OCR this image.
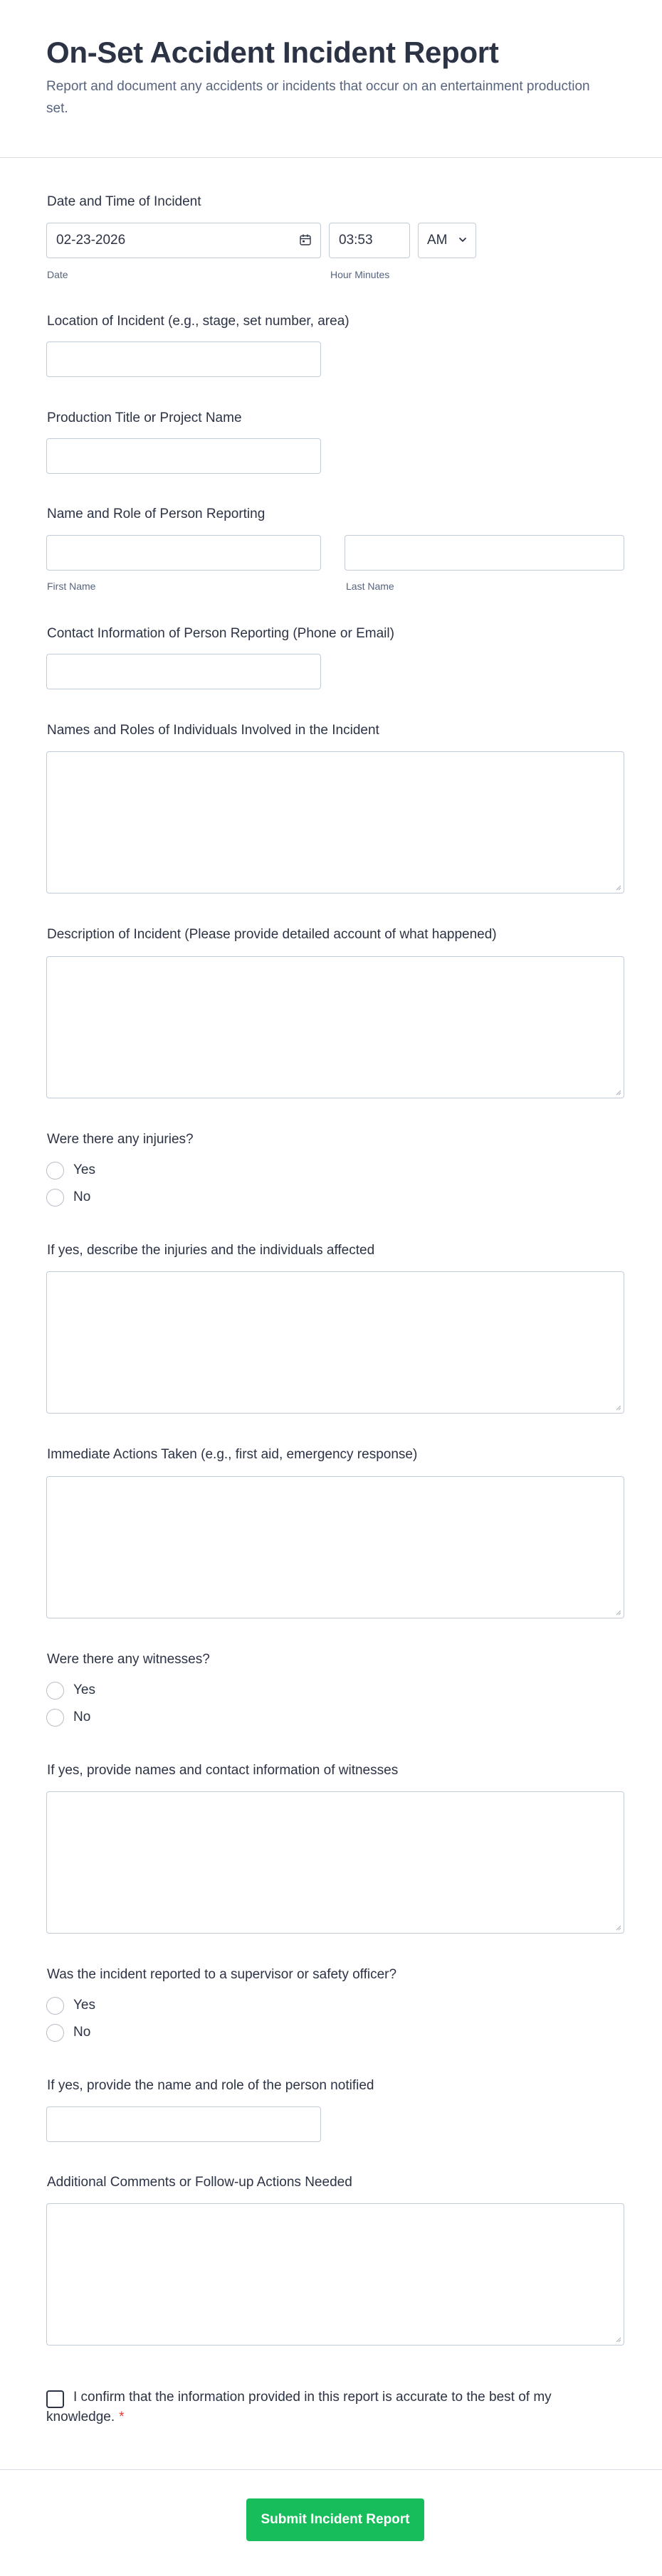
On-Set Accident Incident Report

Report and document any accidents or incidents that occur on an entertainment production set.

Date and Time of Incident
02-23-2026
Date
03:53
Hour Minutes
AM
Location of Incident (e.g., stage, set number, area)
Production Title or Project Name
Name and Role of Person Reporting
First Name	Last Name
Contact Information of Person Reporting (Phone or Email)
Names and Roles of Individuals Involved in the Incident
Description of Incident (Please provide detailed account of what happened)
Were there any injuries?
Yes
No
If yes, describe the injuries and the individuals affected
Immediate Actions Taken (e.g., first aid, emergency response)
Were there any witnesses?
Yes
No
If yes, provide names and contact information of witnesses
Was the incident reported to a supervisor or safety officer?
Yes
No
If yes, provide the name and role of the person notified
Additional Comments or Follow-up Actions Needed
I confirm that the information provided in this report is accurate to the best of my knowledge. *
Submit Incident Report
